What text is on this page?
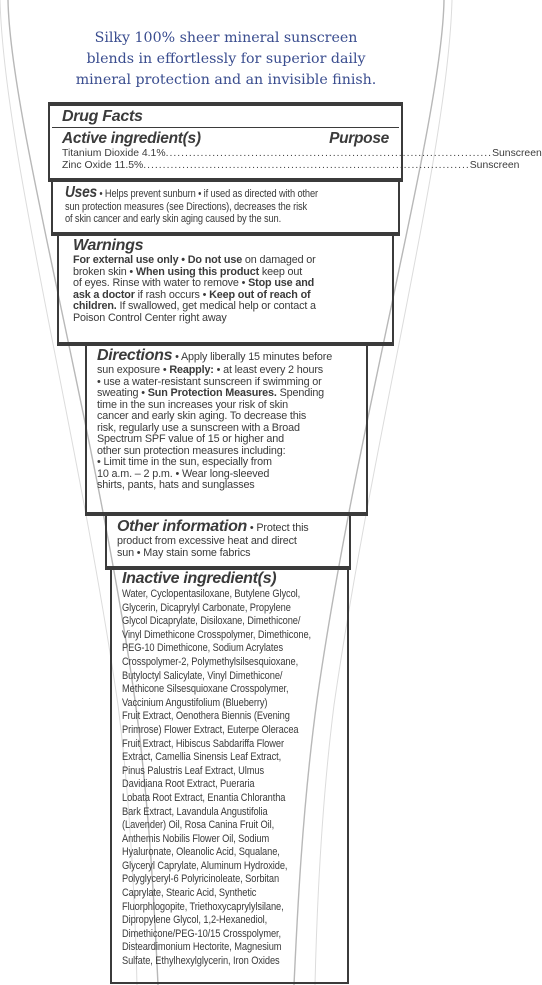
Silky 100% sheer mineral sunscreen
blends in effortlessly for superior daily
mineral protection and an invisible finish.
Drug Facts
Active ingredient(s)	Purpose
Titanium Dioxide 4.1% .................................................................................... Sunscreen
Zinc Oxide 11.5% .................................................................................... Sunscreen
Uses • Helps prevent sunburn • if used as directed with other
sun protection measures (see Directions), decreases the risk
of skin cancer and early skin aging caused by the sun.
Warnings
For external use only • Do not use on damaged or
broken skin • When using this product keep out
of eyes. Rinse with water to remove • Stop use and
ask a doctor if rash occurs • Keep out of reach of
children. If swallowed, get medical help or contact a
Poison Control Center right away
Directions • Apply liberally 15 minutes before
sun exposure • Reapply: • at least every 2 hours
• use a water-resistant sunscreen if swimming or
sweating • Sun Protection Measures. Spending
time in the sun increases your risk of skin
cancer and early skin aging. To decrease this
risk, regularly use a sunscreen with a Broad
Spectrum SPF value of 15 or higher and
other sun protection measures including:
• Limit time in the sun, especially from
10 a.m. – 2 p.m. • Wear long-sleeved
shirts, pants, hats and sunglasses
Other information • Protect this
product from excessive heat and direct
sun • May stain some fabrics
Inactive ingredient(s)
Water, Cyclopentasiloxane, Butylene Glycol,
Glycerin, Dicaprylyl Carbonate, Propylene
Glycol Dicaprylate, Disiloxane, Dimethicone/
Vinyl Dimethicone Crosspolymer, Dimethicone,
PEG-10 Dimethicone, Sodium Acrylates
Crosspolymer-2, Polymethylsilsesquioxane,
Butyloctyl Salicylate, Vinyl Dimethicone/
Methicone Silsesquioxane Crosspolymer,
Vaccinium Angustifolium (Blueberry)
Fruit Extract, Oenothera Biennis (Evening
Primrose) Flower Extract, Euterpe Oleracea
Fruit Extract, Hibiscus Sabdariffa Flower
Extract, Camellia Sinensis Leaf Extract,
Pinus Palustris Leaf Extract, Ulmus
Davidiana Root Extract, Pueraria
Lobata Root Extract, Enantia Chlorantha
Bark Extract, Lavandula Angustifolia
(Lavender) Oil, Rosa Canina Fruit Oil,
Anthemis Nobilis Flower Oil, Sodium
Hyaluronate, Oleanolic Acid, Squalane,
Glyceryl Caprylate, Aluminum Hydroxide,
Polyglyceryl-6 Polyricinoleate, Sorbitan
Caprylate, Stearic Acid, Synthetic
Fluorphlogopite, Triethoxycaprylylsilane,
Dipropylene Glycol, 1,2-Hexanediol,
Dimethicone/PEG-10/15 Crosspolymer,
Disteardimonium Hectorite, Magnesium
Sulfate, Ethylhexylglycerin, Iron Oxides
